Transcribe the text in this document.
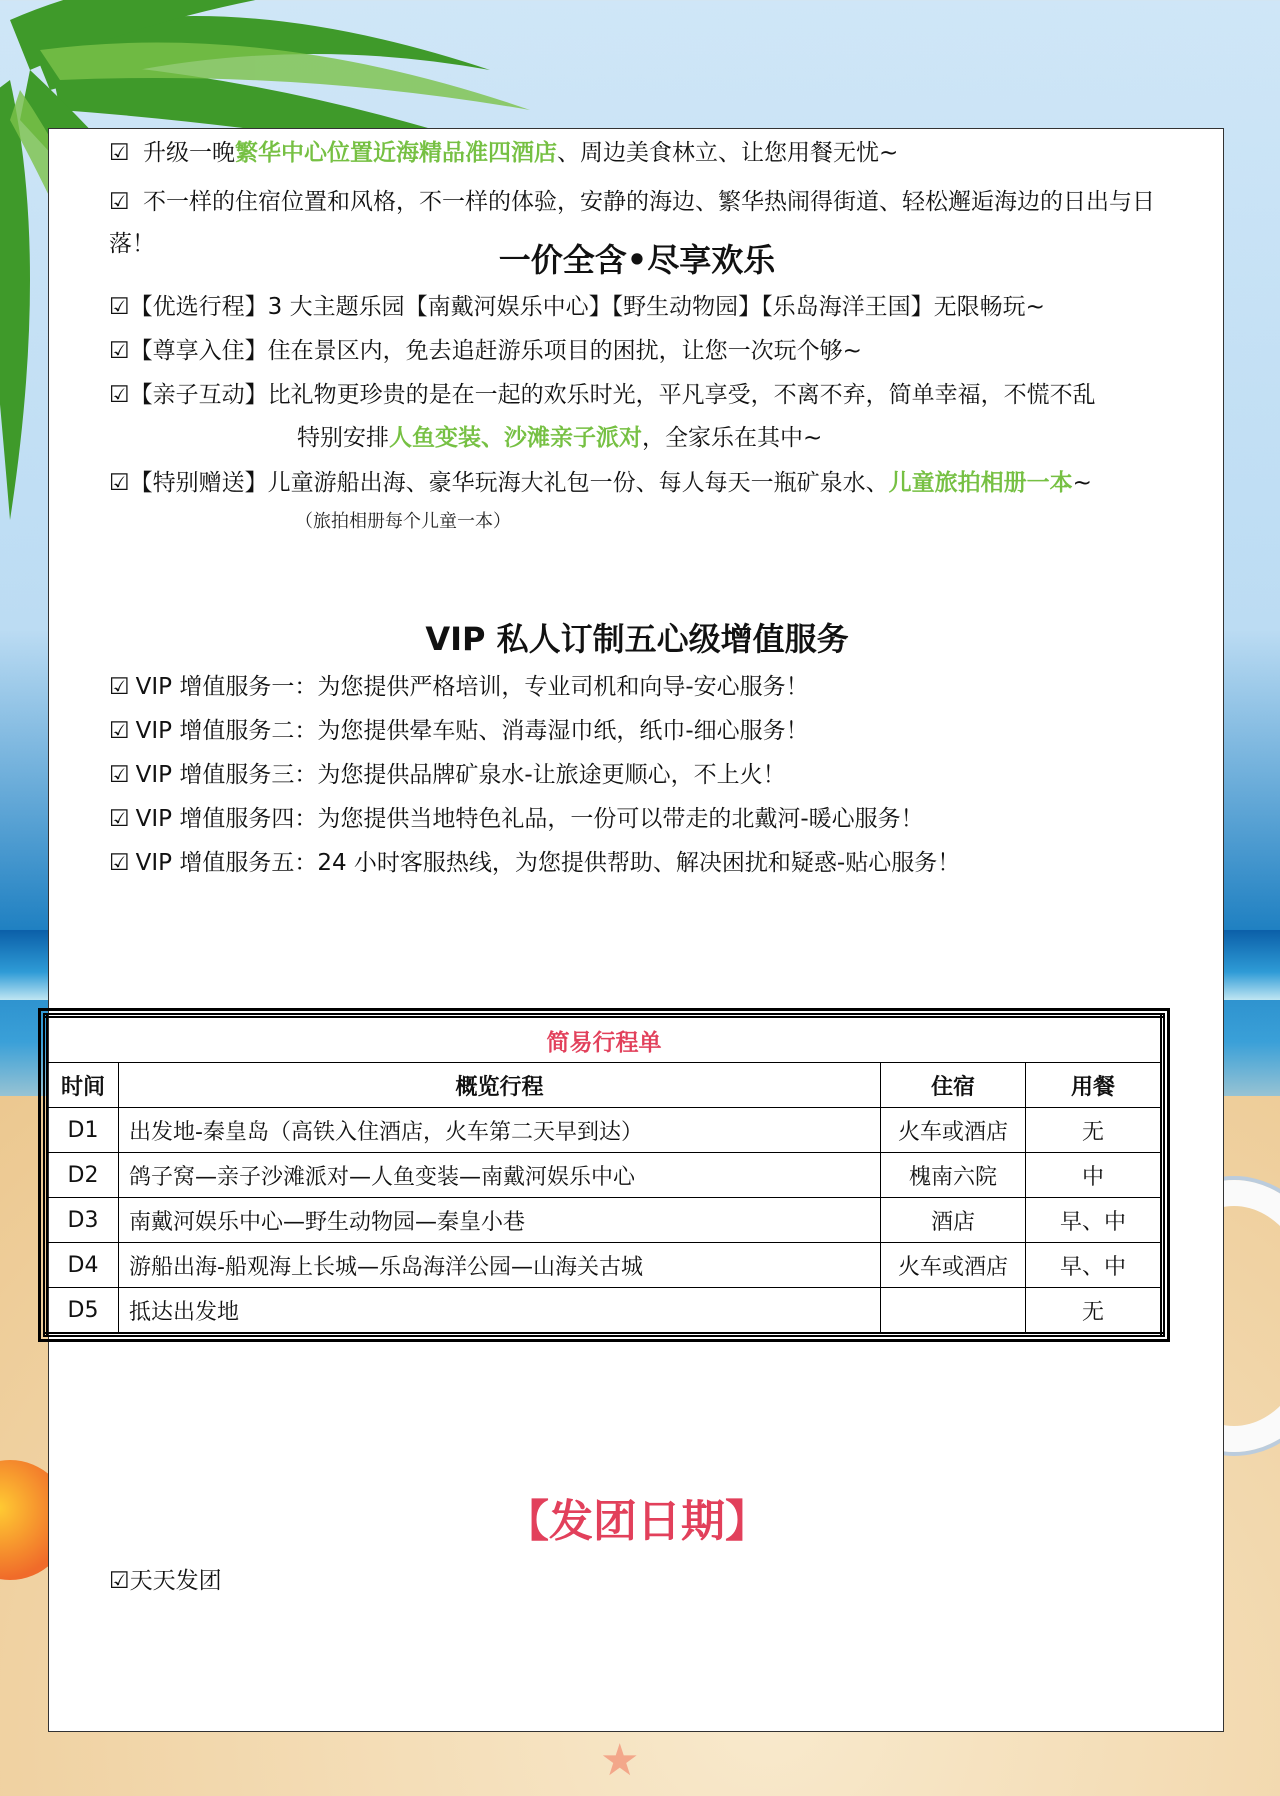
★
☑ 升级一晚繁华中心位置近海精品准四酒店、周边美食林立、让您用餐无忧~
☑ 不一样的住宿位置和风格，不一样的体验，安静的海边、繁华热闹得街道、轻松邂逅海边的日出与日落！	一价全含•尽享欢乐
☑【优选行程】3 大主题乐园【南戴河娱乐中心】【野生动物园】【乐岛海洋王国】无限畅玩~
☑【尊享入住】住在景区内，免去追赶游乐项目的困扰，让您一次玩个够~
☑【亲子互动】比礼物更珍贵的是在一起的欢乐时光，平凡享受，不离不弃，简单幸福，不慌不乱
特别安排人鱼变装、沙滩亲子派对，全家乐在其中~
☑【特别赠送】儿童游船出海、豪华玩海大礼包一份、每人每天一瓶矿泉水、儿童旅拍相册一本~
（旅拍相册每个儿童一本）
VIP 私人订制五心级增值服务
☑ VIP 增值服务一：为您提供严格培训，专业司机和向导-安心服务！
☑ VIP 增值服务二：为您提供晕车贴、消毒湿巾纸，纸巾-细心服务！
☑ VIP 增值服务三：为您提供品牌矿泉水-让旅途更顺心，不上火！
☑ VIP 增值服务四：为您提供当地特色礼品，一份可以带走的北戴河-暖心服务！
☑ VIP 增值服务五：24 小时客服热线，为您提供帮助、解决困扰和疑惑-贴心服务！
简易行程单			
时间	概览行程	住宿	用餐
D1	出发地-秦皇岛（高铁入住酒店，火车第二天早到达）	火车或酒店	无
D2	鸽子窝—亲子沙滩派对—人鱼变装—南戴河娱乐中心	槐南六院	中
D3	南戴河娱乐中心—野生动物园—秦皇小巷	酒店	早、中
D4	游船出海-船观海上长城—乐岛海洋公园—山海关古城	火车或酒店	早、中
D5	抵达出发地		无
【发团日期】
☑天天发团
